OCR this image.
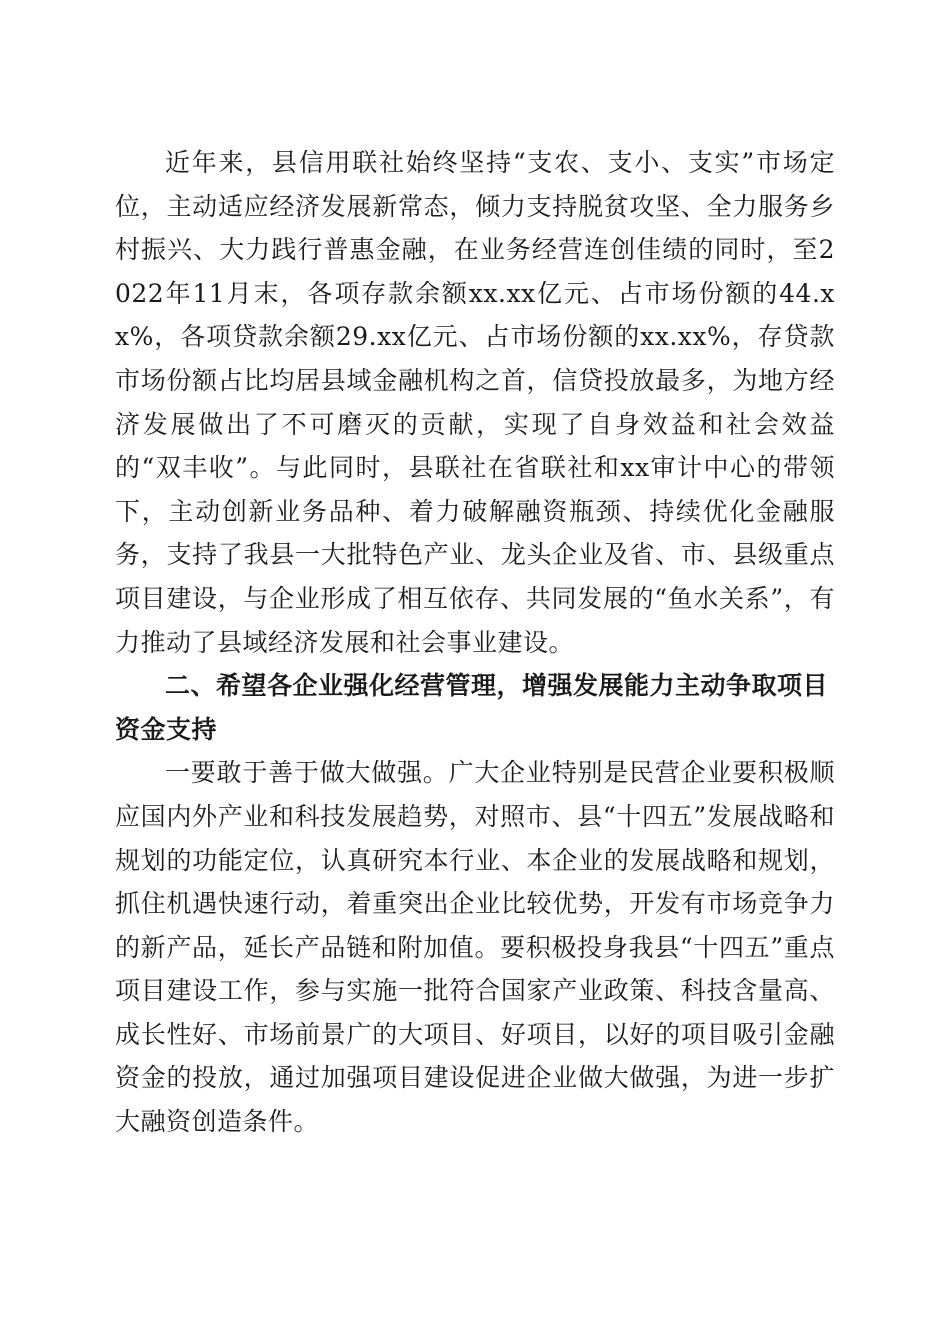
近年来，县信用联社始终坚持“支农、支小、支实”市场定位，主动适应经济发展新常态，倾力支持脱贫攻坚、全力服务乡村振兴、大力践行普惠金融，在业务经营连创佳绩的同时，至2022年11月末，各项存款余额xx.xx亿元、占市场份额的44.xx%，各项贷款余额29.xx亿元、占市场份额的xx.xx%，存贷款市场份额占比均居县域金融机构之首，信贷投放最多，为地方经济发展做出了不可磨灭的贡献，实现了自身效益和社会效益的“双丰收”。与此同时，县联社在省联社和xx审计中心的带领下，主动创新业务品种、着力破解融资瓶颈、持续优化金融服务，支持了我县一大批特色产业、龙头企业及省、市、县级重点项目建设，与企业形成了相互依存、共同发展的“鱼水关系”，有力推动了县域经济发展和社会事业建设。

二、希望各企业强化经营管理，增强发展能力主动争取项目资金支持

一要敢于善于做大做强。广大企业特别是民营企业要积极顺应国内外产业和科技发展趋势，对照市、县“十四五”发展战略和规划的功能定位，认真研究本行业、本企业的发展战略和规划，抓住机遇快速行动，着重突出企业比较优势，开发有市场竞争力的新产品，延长产品链和附加值。要积极投身我县“十四五”重点项目建设工作，参与实施一批符合国家产业政策、科技含量高、成长性好、市场前景广的大项目、好项目，以好的项目吸引金融资金的投放，通过加强项目建设促进企业做大做强，为进一步扩大融资创造条件。
